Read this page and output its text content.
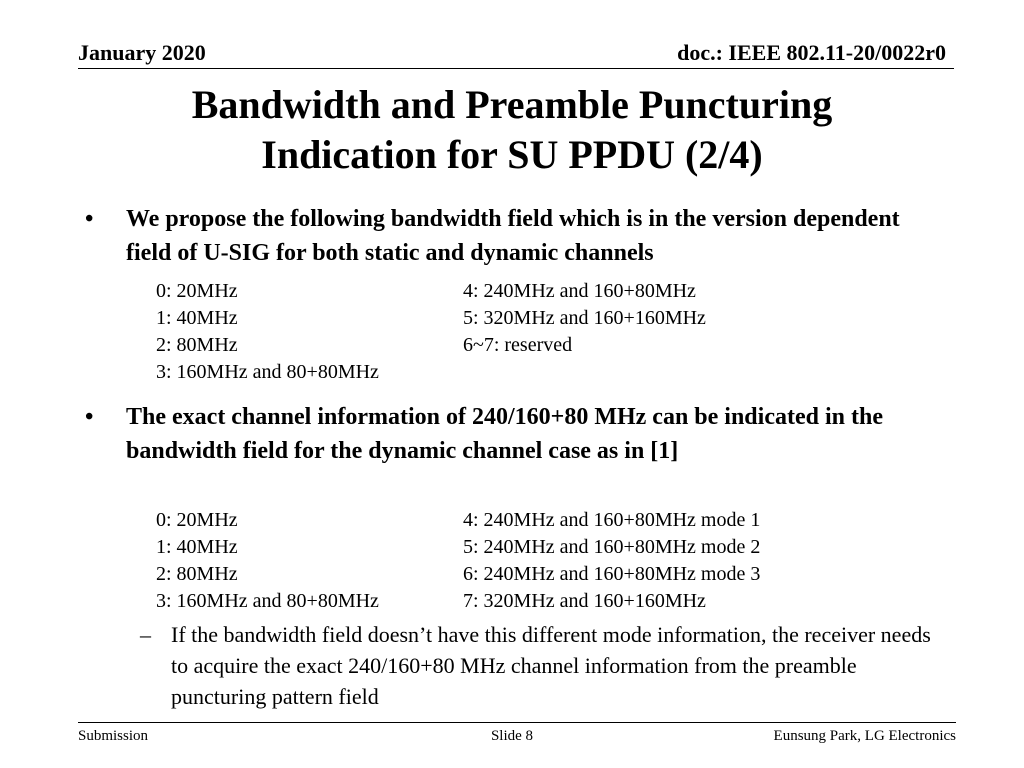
January 2020	doc.: IEEE 802.11-20/0022r0
Bandwidth and Preamble Puncturing
Indication for SU PPDU (2/4)
•	We propose the following bandwidth field which is in the version dependent field of U-SIG for both static and dynamic channels
0: 20MHz	4: 240MHz and 160+80MHz
1: 40MHz	5: 320MHz and 160+160MHz
2: 80MHz	6~7: reserved
3: 160MHz and 80+80MHz
•	The exact channel information of 240/160+80 MHz can be indicated in the bandwidth field for the dynamic channel case as in [1]
0: 20MHz	4: 240MHz and 160+80MHz mode 1
1: 40MHz	5: 240MHz and 160+80MHz mode 2
2: 80MHz	6: 240MHz and 160+80MHz mode 3
3: 160MHz and 80+80MHz	7: 320MHz and 160+160MHz
– If the bandwidth field doesn’t have this different mode information, the receiver needs to acquire the exact 240/160+80 MHz channel information from the preamble puncturing pattern field
Submission	Slide 8	Eunsung Park, LG Electronics
